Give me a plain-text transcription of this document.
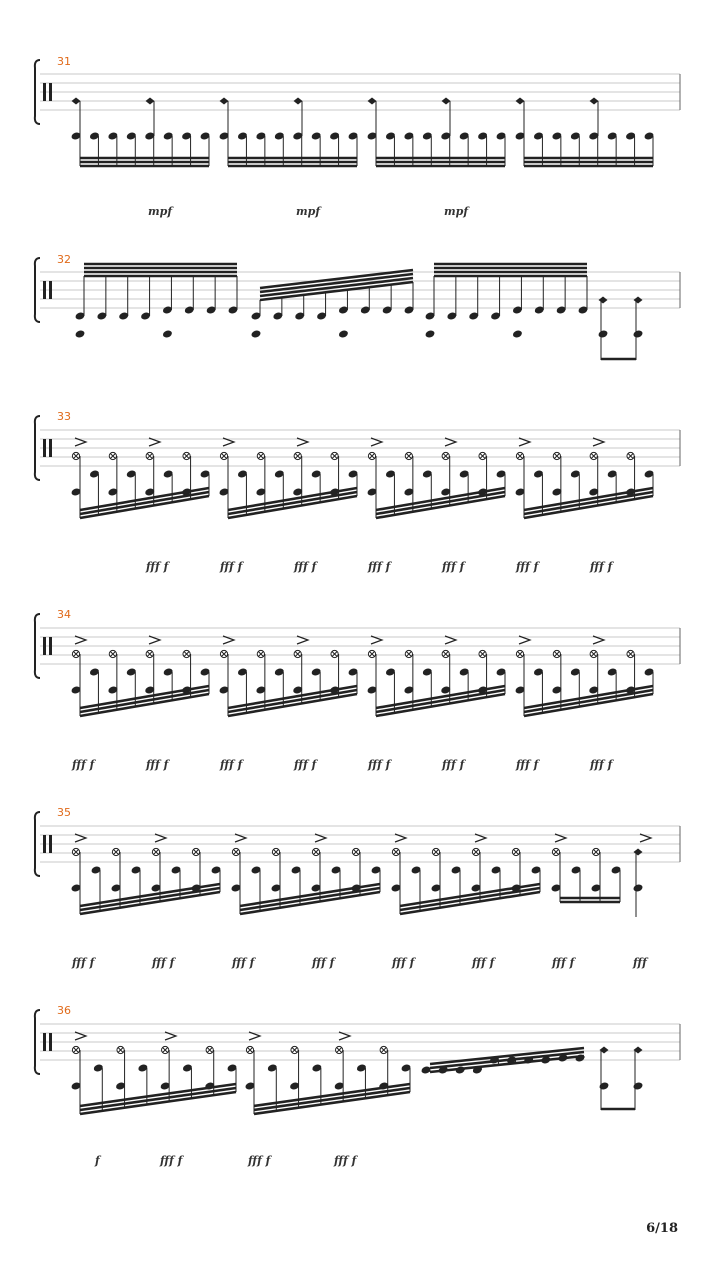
31
mpf	mpf	mpf
32
33
fff f	fff f	fff f	fff f	fff f	fff f	fff f
34
fff f	fff f	fff f	fff f	fff f	fff f	fff f	fff f
35
fff f	fff f	fff f	fff f	fff f	fff f	fff f	fff
36
f	fff f	fff f	fff f
6/18
